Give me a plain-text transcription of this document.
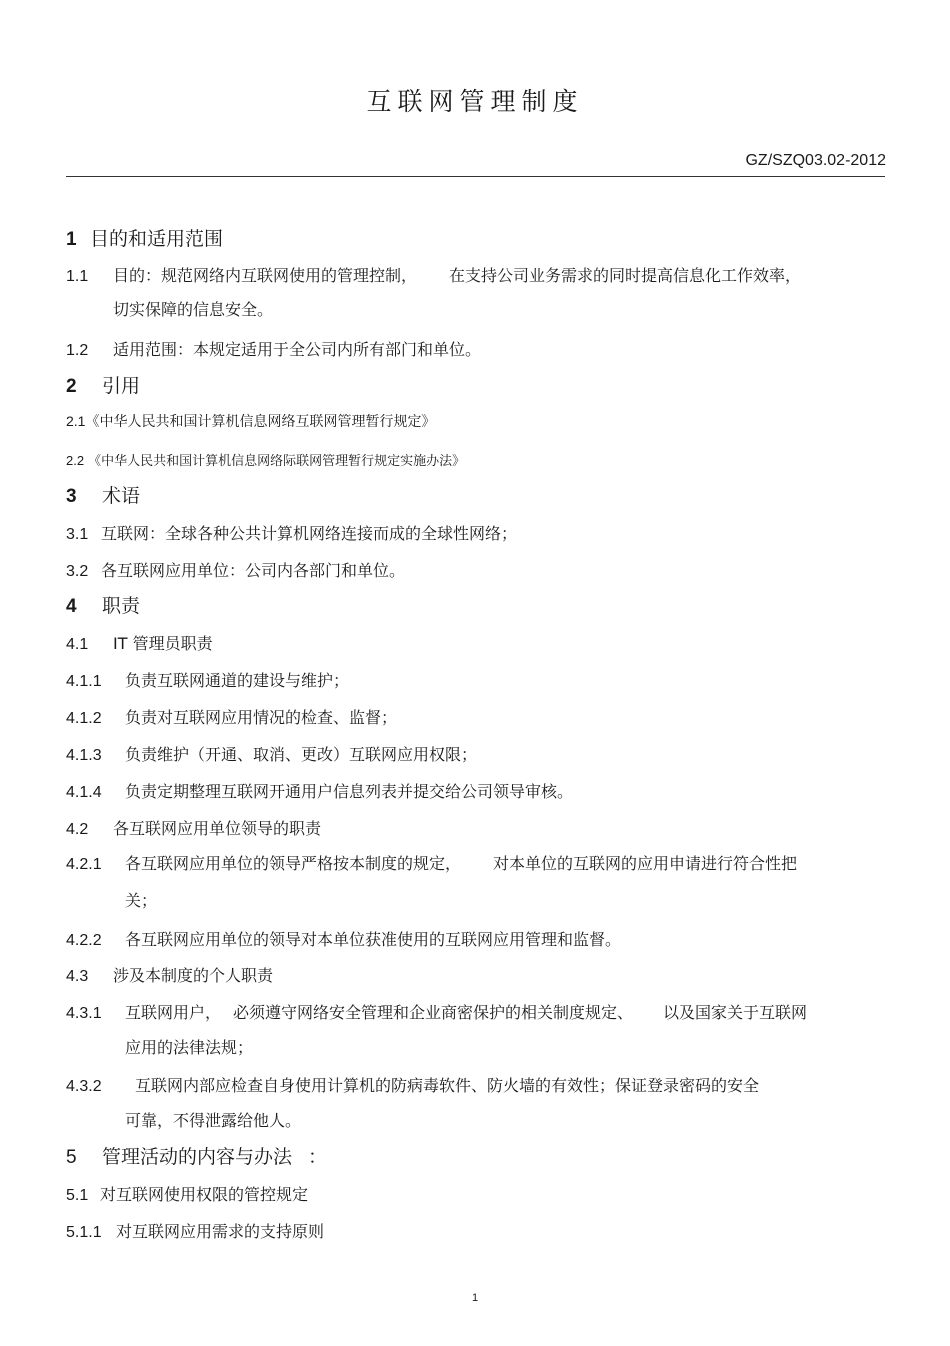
互联网管理制度
GZ/SZQ03.02-2012
1 目的和适用范围
1.1 目的：规范网络内互联网使用的管理控制， 在支持公司业务需求的同时提高信息化工作效率，
切实保障的信息安全。
1.2 适用范围：本规定适用于全公司内所有部门和单位。
2 引用
2.1《中华人民共和国计算机信息网络互联网管理暂行规定》
2.2 《中华人民共和国计算机信息网络际联网管理暂行规定实施办法》
3 术语
3.1 互联网：全球各种公共计算机网络连接而成的全球性网络；
3.2 各互联网应用单位：公司内各部门和单位。
4 职责
4.1 IT 管理员职责
4.1.1 负责互联网通道的建设与维护；
4.1.2 负责对互联网应用情况的检查、监督；
4.1.3 负责维护（开通、取消、更改）互联网应用权限；
4.1.4 负责定期整理互联网开通用户信息列表并提交给公司领导审核。
4.2 各互联网应用单位领导的职责
4.2.1 各互联网应用单位的领导严格按本制度的规定， 对本单位的互联网的应用申请进行符合性把
关；
4.2.2 各互联网应用单位的领导对本单位获准使用的互联网应用管理和监督。
4.3 涉及本制度的个人职责
4.3.1 互联网用户， 必须遵守网络安全管理和企业商密保护的相关制度规定、 以及国家关于互联网
应用的法律法规；
4.3.2 互联网内部应检查自身使用计算机的防病毒软件、防火墙的有效性；保证登录密码的安全
可靠，不得泄露给他人。
5 管理活动的内容与办法 ：
5.1 对互联网使用权限的管控规定
5.1.1 对互联网应用需求的支持原则
1
